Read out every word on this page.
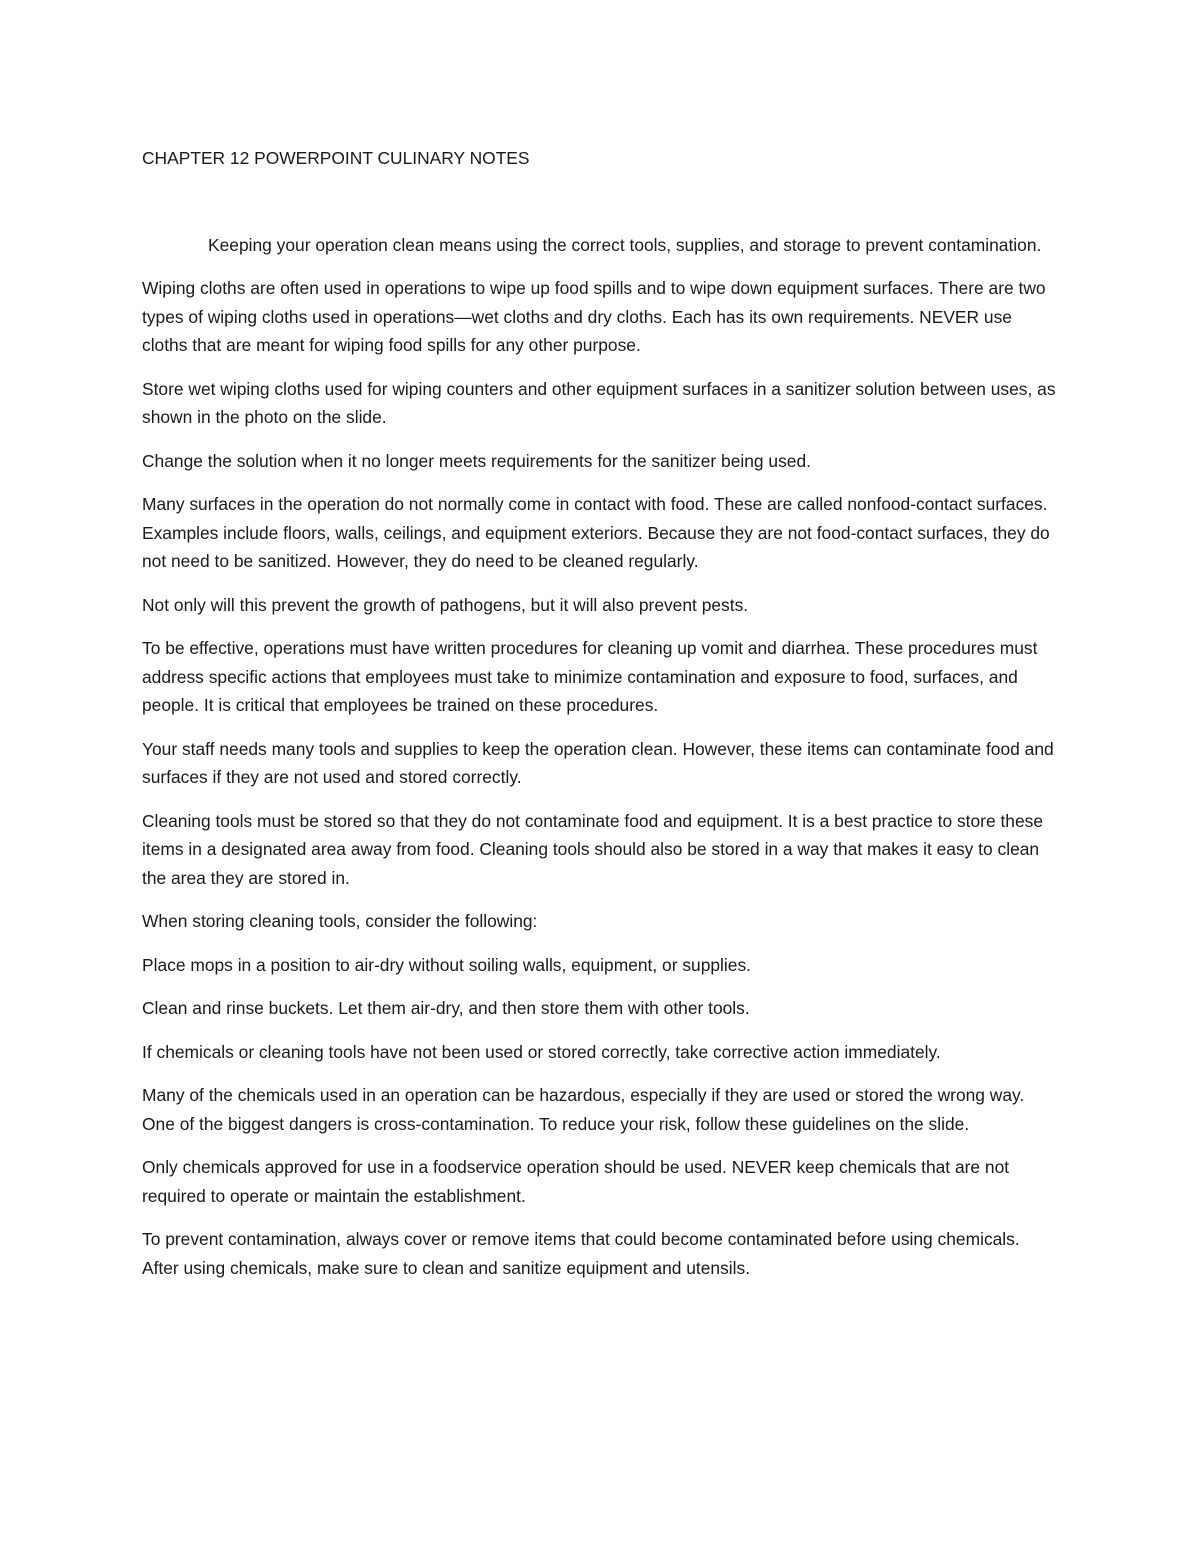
CHAPTER 12 POWERPOINT CULINARY NOTES

Keeping your operation clean means using the correct tools, supplies, and storage to prevent contamination.

Wiping cloths are often used in operations to wipe up food spills and to wipe down equipment surfaces. There are two types of wiping cloths used in operations—wet cloths and dry cloths. Each has its own requirements. NEVER use cloths that are meant for wiping food spills for any other purpose.

Store wet wiping cloths used for wiping counters and other equipment surfaces in a sanitizer solution between uses, as shown in the photo on the slide.

Change the solution when it no longer meets requirements for the sanitizer being used.

Many surfaces in the operation do not normally come in contact with food. These are called nonfood-contact surfaces. Examples include floors, walls, ceilings, and equipment exteriors. Because they are not food-contact surfaces, they do not need to be sanitized. However, they do need to be cleaned regularly.

Not only will this prevent the growth of pathogens, but it will also prevent pests.

To be effective, operations must have written procedures for cleaning up vomit and diarrhea. These procedures must address specific actions that employees must take to minimize contamination and exposure to food, surfaces, and people. It is critical that employees be trained on these procedures.

Your staff needs many tools and supplies to keep the operation clean. However, these items can contaminate food and surfaces if they are not used and stored correctly.

Cleaning tools must be stored so that they do not contaminate food and equipment. It is a best practice to store these items in a designated area away from food. Cleaning tools should also be stored in a way that makes it easy to clean the area they are stored in.

When storing cleaning tools, consider the following:

Place mops in a position to air-dry without soiling walls, equipment, or supplies.

Clean and rinse buckets. Let them air-dry, and then store them with other tools.

If chemicals or cleaning tools have not been used or stored correctly, take corrective action immediately.

Many of the chemicals used in an operation can be hazardous, especially if they are used or stored the wrong way. One of the biggest dangers is cross-contamination. To reduce your risk, follow these guidelines on the slide.

Only chemicals approved for use in a foodservice operation should be used. NEVER keep chemicals that are not required to operate or maintain the establishment.

To prevent contamination, always cover or remove items that could become contaminated before using chemicals. After using chemicals, make sure to clean and sanitize equipment and utensils.
